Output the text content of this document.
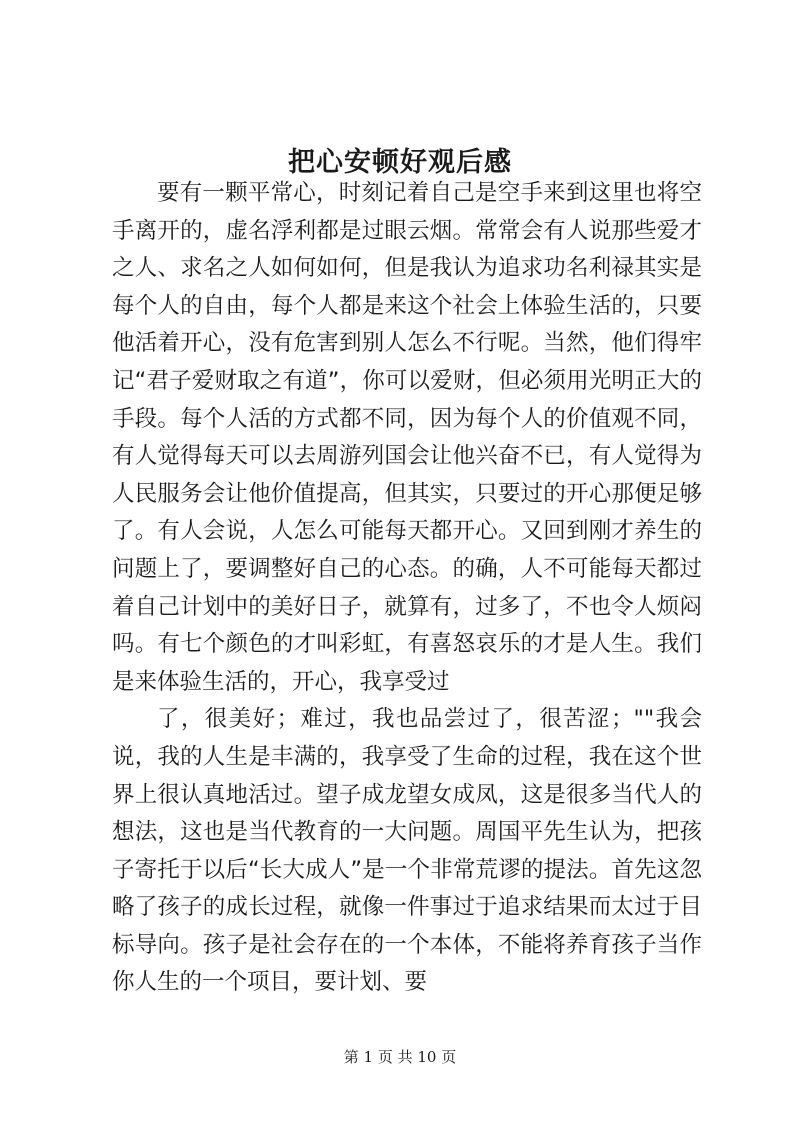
把心安顿好观后感

要有一颗平常心，时刻记着自己是空手来到这里也将空手离开的，虚名浮利都是过眼云烟。常常会有人说那些爱才之人、求名之人如何如何，但是我认为追求功名利禄其实是每个人的自由，每个人都是来这个社会上体验生活的，只要他活着开心，没有危害到别人怎么不行呢。当然，他们得牢记“君子爱财取之有道”，你可以爱财，但必须用光明正大的手段。每个人活的方式都不同，因为每个人的价值观不同，有人觉得每天可以去周游列国会让他兴奋不已，有人觉得为人民服务会让他价值提高，但其实，只要过的开心那便足够了。有人会说，人怎么可能每天都开心。又回到刚才养生的问题上了，要调整好自己的心态。的确，人不可能每天都过着自己计划中的美好日子，就算有，过多了，不也令人烦闷吗。有七个颜色的才叫彩虹，有喜怒哀乐的才是人生。我们是来体验生活的，开心，我享受过

了，很美好；难过，我也品尝过了，很苦涩；""我会说，我的人生是丰满的，我享受了生命的过程，我在这个世界上很认真地活过。望子成龙望女成凤，这是很多当代人的想法，这也是当代教育的一大问题。周国平先生认为，把孩子寄托于以后“长大成人”是一个非常荒谬的提法。首先这忽略了孩子的成长过程，就像一件事过于追求结果而太过于目标导向。孩子是社会存在的一个本体，不能将养育孩子当作你人生的一个项目，要计划、要

第 1 页 共 10 页
